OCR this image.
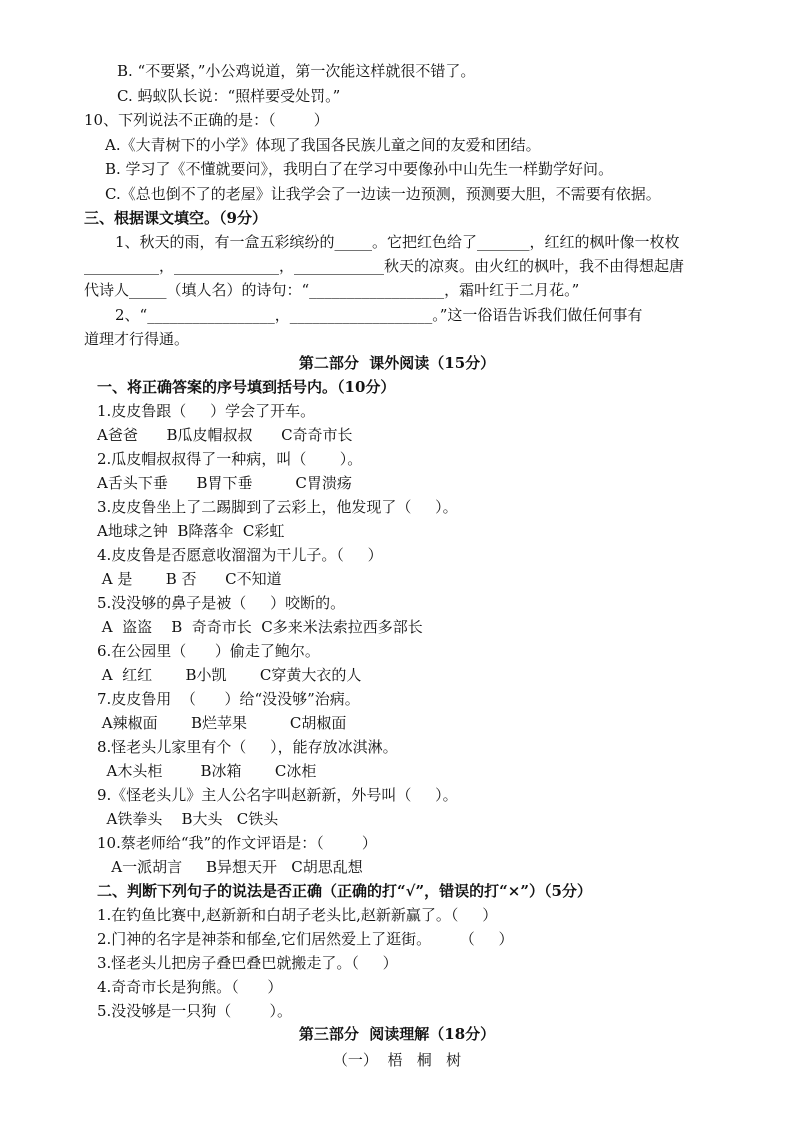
B. “不要紧，”小公鸡说道，第一次能这样就很不错了。
C. 蚂蚁队长说：“照样要受处罚。”
10、下列说法不正确的是：（        ）
A.《大青树下的小学》体现了我国各民族儿童之间的友爱和团结。
B. 学习了《不懂就要问》，我明白了在学习中要像孙中山先生一样勤学好问。
C.《总也倒不了的老屋》让我学会了一边读一边预测，预测要大胆，不需要有依据。
三、根据课文填空。（9分）
1、秋天的雨，有一盒五彩缤纷的_____。它把红色给了_______，红红的枫叶像一枚枚
__________，______________，____________秋天的凉爽。由火红的枫叶，我不由得想起唐
代诗人_____（填人名）的诗句：“__________________，霜叶红于二月花。”
2、“_________________，___________________。”这一俗语告诉我们做任何事有
道理才行得通。
第二部分  课外阅读（15分）
一、将正确答案的序号填到括号内。（10分）
1.皮皮鲁跟（     ）学会了开车。
A爸爸      B瓜皮帽叔叔      C奇奇市长
2.瓜皮帽叔叔得了一种病，叫（       ）。
A舌头下垂      B胃下垂         C胃溃疡
3.皮皮鲁坐上了二踢脚到了云彩上，他发现了（     ）。
A地球之钟  B降落伞  C彩虹
4.皮皮鲁是否愿意收溜溜为干儿子。（     ）
A 是       B 否      C不知道
5.没没够的鼻子是被（     ）咬断的。
A  盗盗    B  奇奇市长  C多来米法索拉西多部长
6.在公园里（      ）偷走了鲍尔。
A  红红       B小凯       C穿黄大衣的人
7.皮皮鲁用  （      ）给“没没够”治病。
A辣椒面       B烂苹果         C胡椒面
8.怪老头儿家里有个（     ），能存放冰淇淋。
A木头柜        B冰箱       C冰柜
9.《怪老头儿》主人公名字叫赵新新，外号叫（     ）。
A铁拳头    B大头   C铁头
10.蔡老师给“我”的作文评语是：（        ）
A一派胡言     B异想天开   C胡思乱想
二、判断下列句子的说法是否正确（正确的打“√”，错误的打“×”）（5分）
1.在钓鱼比赛中,赵新新和白胡子老头比,赵新新赢了。（     ）
2.门神的名字是神荼和郁垒,它们居然爱上了逛街。      （     ）
3.怪老头儿把房子叠巴叠巴就搬走了。（     ）
4.奇奇市长是狗熊。（      ）
5.没没够是一只狗（        ）。
第三部分  阅读理解（18分）
（一）  梧   桐   树
